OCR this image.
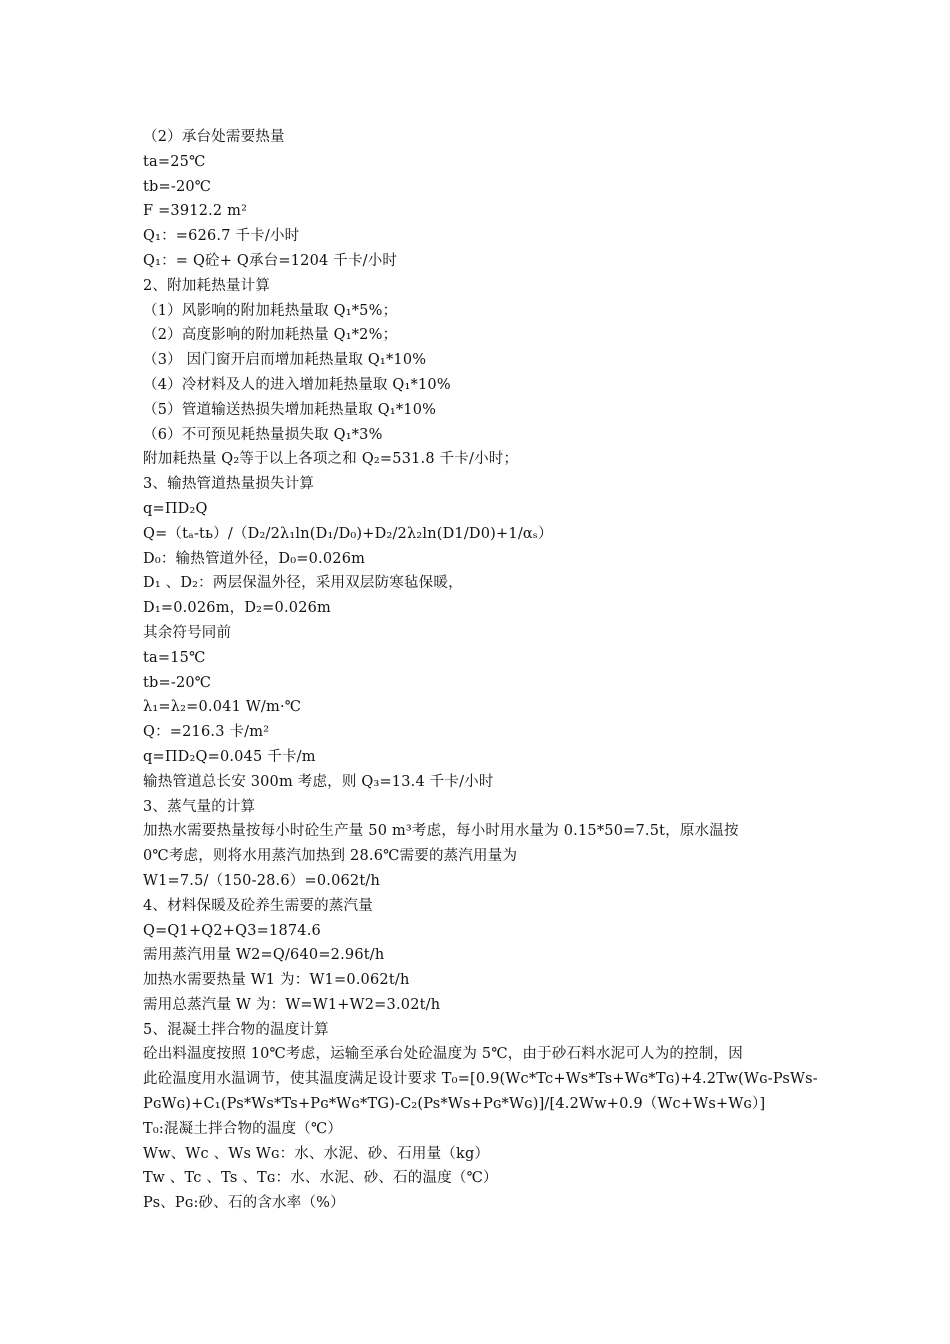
（2）承台处需要热量
ta=25℃
tb=-20℃
F =3912.2 m²
Q₁：=626.7 千卡/小时
Q₁：= Q砼+ Q承台=1204 千卡/小时
2、附加耗热量计算
（1）风影响的附加耗热量取 Q₁*5%；
（2）高度影响的附加耗热量 Q₁*2%；
（3） 因门窗开启而增加耗热量取 Q₁*10%
（4）冷材料及人的进入增加耗热量取 Q₁*10%
（5）管道输送热损失增加耗热量取 Q₁*10%
（6）不可预见耗热量损失取 Q₁*3%
附加耗热量 Q₂等于以上各项之和 Q₂=531.8 千卡/小时；
3、输热管道热量损失计算
q=ΠD₂Q
Q=（tₐ-tь）/（D₂/2λ₁ln(D₁/D₀)+D₂/2λ₂ln(D1/D0)+1/αₛ）
D₀：输热管道外径，D₀=0.026m
D₁ 、D₂：两层保温外径，采用双层防寒毡保暖，
D₁=0.026m，D₂=0.026m
其余符号同前
ta=15℃
tb=-20℃
λ₁=λ₂=0.041 W/m·℃
Q：=216.3 卡/m²
q=ΠD₂Q=0.045 千卡/m
输热管道总长安 300m 考虑，则 Q₃=13.4 千卡/小时
3、蒸气量的计算
加热水需要热量按每小时砼生产量 50 m³考虑，每小时用水量为 0.15*50=7.5t，原水温按
0℃考虑，则将水用蒸汽加热到 28.6℃需要的蒸汽用量为
W1=7.5/（150-28.6）=0.062t/h
4、材料保暖及砼养生需要的蒸汽量
Q=Q1+Q2+Q3=1874.6
需用蒸汽用量 W2=Q/640=2.96t/h
加热水需要热量 W1 为：W1=0.062t/h
需用总蒸汽量 W 为：W=W1+W2=3.02t/h
5、混凝土拌合物的温度计算
砼出料温度按照 10℃考虑，运输至承台处砼温度为 5℃，由于砂石料水泥可人为的控制，因
此砼温度用水温调节，使其温度满足设计要求 T₀=[0.9(Wc*Tc+Ws*Ts+Wɢ*Tɢ)+4.2Tw(Wɢ-PsWs-
PɢWɢ)+C₁(Ps*Ws*Ts+Pɢ*Wɢ*TG)-C₂(Ps*Ws+Pɢ*Wɢ)]/[4.2Ww+0.9（Wc+Ws+Wɢ）]
T₀:混凝土拌合物的温度（℃）
Ww、Wc 、Ws Wɢ：水、水泥、砂、石用量（kg）
Tw 、Tc 、Ts 、Tɢ：水、水泥、砂、石的温度（℃）
Ps、Pɢ:砂、石的含水率（%）
